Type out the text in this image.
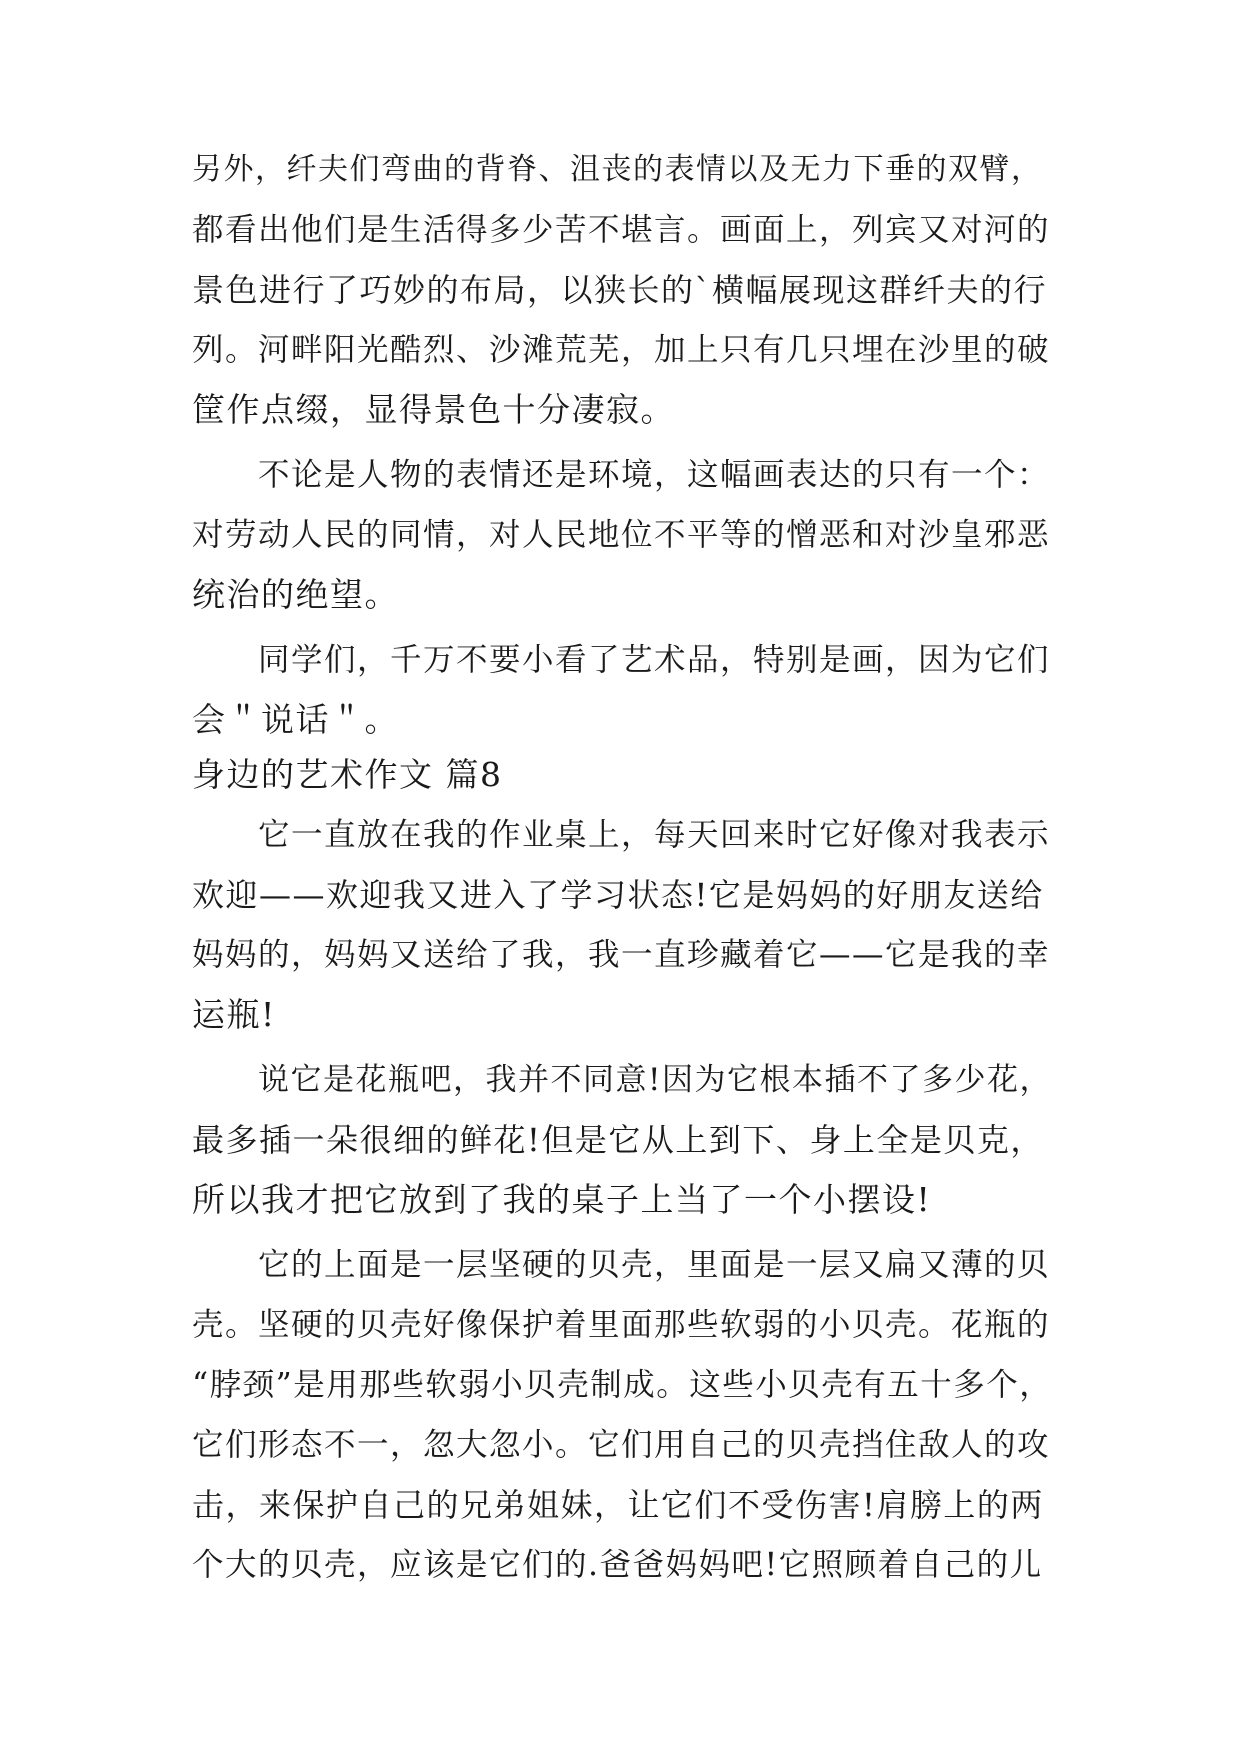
另外，纤夫们弯曲的背脊、沮丧的表情以及无力下垂的双臂，
都看出他们是生活得多少苦不堪言。画面上，列宾又对河的
景色进行了巧妙的布局，以狭长的`横幅展现这群纤夫的行
列。河畔阳光酷烈、沙滩荒芜，加上只有几只埋在沙里的破
筐作点缀，显得景色十分凄寂。
不论是人物的表情还是环境，这幅画表达的只有一个：
对劳动人民的同情，对人民地位不平等的憎恶和对沙皇邪恶
统治的绝望。
同学们，千万不要小看了艺术品，特别是画，因为它们
会＂说话＂。
身边的艺术作文 篇8
它一直放在我的作业桌上，每天回来时它好像对我表示
欢迎——欢迎我又进入了学习状态!它是妈妈的好朋友送给
妈妈的，妈妈又送给了我，我一直珍藏着它——它是我的幸
运瓶!
说它是花瓶吧，我并不同意!因为它根本插不了多少花，
最多插一朵很细的鲜花!但是它从上到下、身上全是贝克，
所以我才把它放到了我的桌子上当了一个小摆设!
它的上面是一层坚硬的贝壳，里面是一层又扁又薄的贝
壳。坚硬的贝壳好像保护着里面那些软弱的小贝壳。花瓶的
“脖颈”是用那些软弱小贝壳制成。这些小贝壳有五十多个，
它们形态不一，忽大忽小。它们用自己的贝壳挡住敌人的攻
击，来保护自己的兄弟姐妹，让它们不受伤害!肩膀上的两
个大的贝壳，应该是它们的.爸爸妈妈吧!它照顾着自己的儿
